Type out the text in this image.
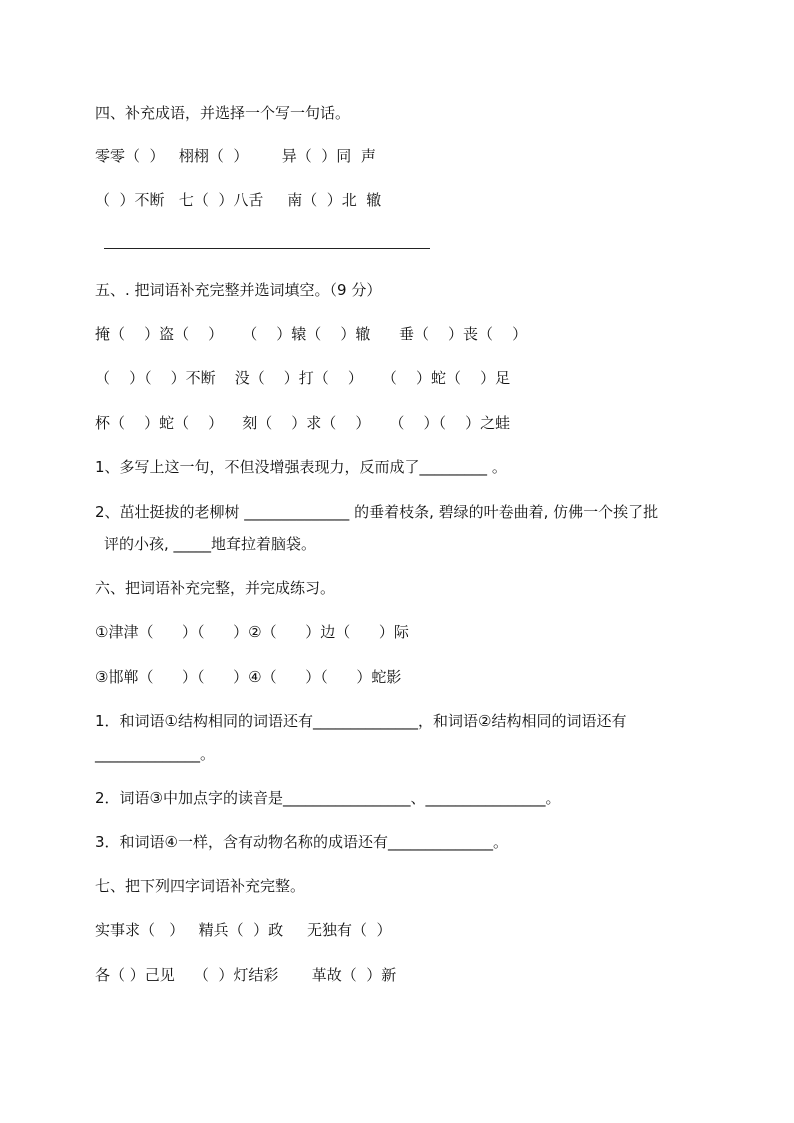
四、补充成语，并选择一个写一句话。
零零（  ）   栩栩（  ）       异（  ）同  声
（  ）不断   七（  ）八舌     南（  ）北  辙
五、. 把词语补充完整并选词填空。（9 分）
掩（    ）盗（    ）    （    ）辕（    ）辙      垂（    ）丧（    ）
（    ）（    ）不断    没（    ）打（    ）    （    ）蛇（    ）足
杯（    ）蛇（    ）    刻（    ）求（    ）    （    ）（    ）之蛙
1、多写上这一句，不但没增强表现力，反而成了_________ 。
2、茁壮挺拔的老柳树 ______________ 的垂着枝条, 碧绿的叶卷曲着, 仿佛一个挨了批
评的小孩, _____地耷拉着脑袋。
六、把词语补充完整，并完成练习。
①津津（      ）（      ）②（      ）边（      ）际
③邯郸（      ）（      ）④（      ）（      ）蛇影
1．和词语①结构相同的词语还有______________，和词语②结构相同的词语还有
______________。
2．词语③中加点字的读音是_________________、________________。
3．和词语④一样，含有动物名称的成语还有______________。
七、把下列四字词语补充完整。
实事求（   ）   精兵（  ）政     无独有（  ）
各（ ）己见    （  ）灯结彩       革故（  ）新
